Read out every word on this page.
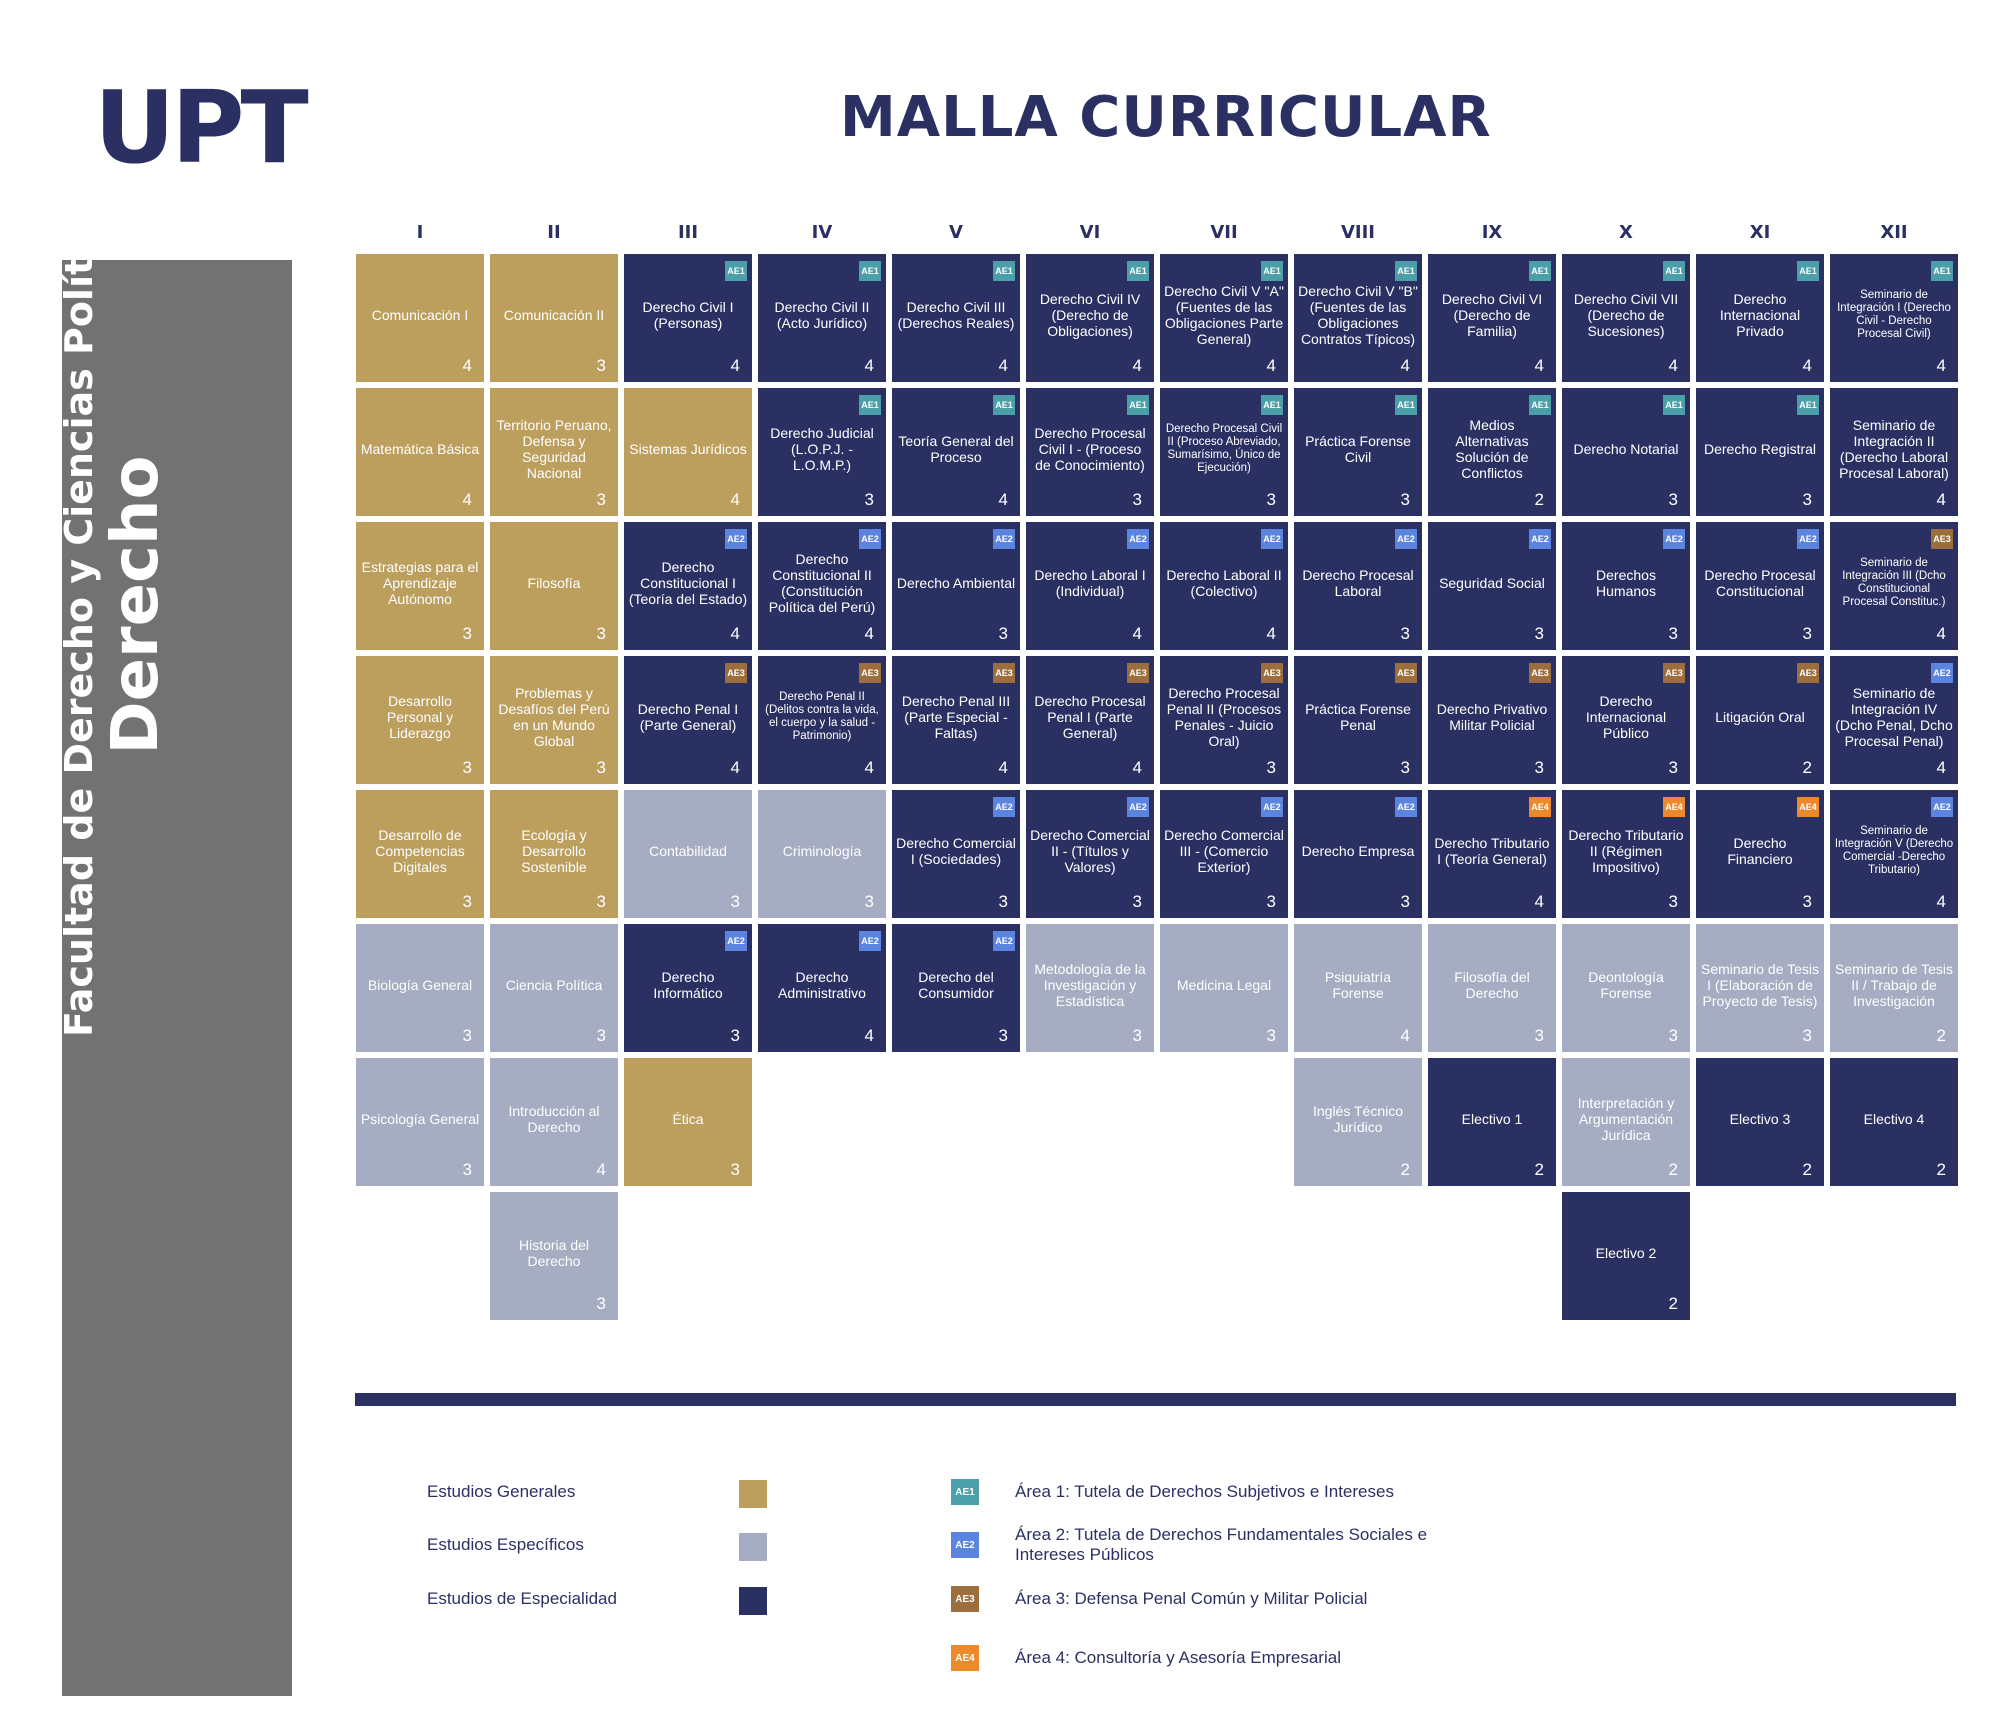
UPT	MALLA CURRICULAR
Facultad de Derecho y Ciencias Políticas
Derecho
I
Comunicación I
4
Matemática Básica
4
Estrategias para el Aprendizaje Autónomo
3
Desarrollo Personal y Liderazgo
3
Desarrollo de Competencias Digitales
3
Biología General
3
Psicología General
3
II
Comunicación II
3
Territorio Peruano, Defensa y Seguridad Nacional
3
Filosofía
3
Problemas y Desafíos del Perú en un Mundo Global
3
Ecología y Desarrollo Sostenible
3
Ciencia Política
3
Introducción al Derecho
4
Historia del Derecho
3
III
Derecho Civil I (Personas)
4
AE1
Sistemas Jurídicos
4
Derecho Constitucional I (Teoría del Estado)
4
AE2
Derecho Penal I (Parte General)
4
AE3
Contabilidad
3
Derecho Informático
3
AE2
Ética
3
IV
Derecho Civil II (Acto Jurídico)
4
AE1
Derecho Judicial (L.O.P.J. - L.O.M.P.)
3
AE1
Derecho Constitucional II (Constitución Política del Perú)
4
AE2
Derecho Penal II (Delitos contra la vida, el cuerpo y la salud - Patrimonio)
4
AE3
Criminología
3
Derecho Administrativo
4
AE2
V
Derecho Civil III (Derechos Reales)
4
AE1
Teoría General del Proceso
4
AE1
Derecho Ambiental
3
AE2
Derecho Penal III (Parte Especial - Faltas)
4
AE3
Derecho Comercial I (Sociedades)
3
AE2
Derecho del Consumidor
3
AE2
VI
Derecho Civil IV (Derecho de Obligaciones)
4
AE1
Derecho Procesal Civil I - (Proceso de Conocimiento)
3
AE1
Derecho Laboral I (Individual)
4
AE2
Derecho Procesal Penal I (Parte General)
4
AE3
Derecho Comercial II - (Títulos y Valores)
3
AE2
Metodología de la Investigación y Estadística
3
VII
Derecho Civil V "A" (Fuentes de las Obligaciones Parte General)
4
AE1
Derecho Procesal Civil II (Proceso Abreviado, Sumarísimo, Único de Ejecución)
3
AE1
Derecho Laboral II (Colectivo)
4
AE2
Derecho Procesal Penal II (Procesos Penales - Juicio Oral)
3
AE3
Derecho Comercial III - (Comercio Exterior)
3
AE2
Medicina Legal
3
VIII
Derecho Civil V "B" (Fuentes de las Obligaciones Contratos Típicos)
4
AE1
Práctica Forense Civil
3
AE1
Derecho Procesal Laboral
3
AE2
Práctica Forense Penal
3
AE3
Derecho Empresa
3
AE2
Psiquiatría Forense
4
Inglés Técnico Jurídico
2
IX
Derecho Civil VI (Derecho de Familia)
4
AE1
Medios Alternativas Solución de Conflictos
2
AE1
Seguridad Social
3
AE2
Derecho Privativo Militar Policial
3
AE3
Derecho Tributario I (Teoría General)
4
AE4
Filosofía del Derecho
3
Electivo 1
2
X
Derecho Civil VII (Derecho de Sucesiones)
4
AE1
Derecho Notarial
3
AE1
Derechos Humanos
3
AE2
Derecho Internacional Público
3
AE3
Derecho Tributario II (Régimen Impositivo)
3
AE4
Deontología Forense
3
Interpretación y Argumentación Jurídica
2
Electivo 2
2
XI
Derecho Internacional Privado
4
AE1
Derecho Registral
3
AE1
Derecho Procesal Constitucional
3
AE2
Litigación Oral
2
AE3
Derecho Financiero
3
AE4
Seminario de Tesis I (Elaboración de Proyecto de Tesis)
3
Electivo 3
2
XII
Seminario de Integración I (Derecho Civil - Derecho Procesal Civil)
4
AE1
Seminario de Integración II (Derecho Laboral Procesal Laboral)
4
Seminario de Integración III (Dcho Constitucional Procesal Constituc.)
4
AE3
Seminario de Integración IV (Dcho Penal, Dcho Procesal Penal)
4
AE2
Seminario de Integración V (Derecho Comercial -Derecho Tributario)
4
AE2
Seminario de Tesis II / Trabajo de Investigación
2
Electivo 4
2
Estudios Generales
Estudios Específicos
Estudios de Especialidad
AE1 Área 1: Tutela de Derechos Subjetivos e Intereses
AE2
Área 2: Tutela de Derechos Fundamentales Sociales e Intereses Públicos
AE3 Área 3: Defensa Penal Común y Militar Policial
AE4 Área 4: Consultoría y Asesoría Empresarial
